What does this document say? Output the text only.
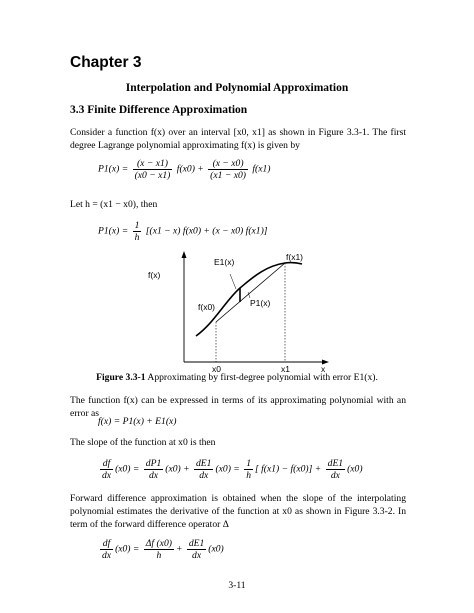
Chapter 3
Interpolation and Polynomial Approximation
3.3 Finite Difference Approximation
Consider a function f(x) over an interval [x0, x1] as shown in Figure 3.3-1. The first degree Lagrange polynomial approximating f(x) is given by
$P1(x) = \frac{(x - x1)}{(x0 - x1)} f(x0) + \frac{(x - x0)}{(x1 - x0)} f(x1)$
Let h = (x1 − x0), then
$P1(x) = \frac{1}{h} [(x1 - x) f(x0) + (x - x0)$ f(x1)]
f(x)
E1(x)	f(x1)
P1(x)
f(x0)
x0	x1	x
Figure 3.3-1 Approximating by first-degree polynomial with error E1(x).
The function f(x) can be expressed in terms of its approximating polynomial with an error as
f(x) = P1(x) + E1(x)
The slope of the function at x0 is then
$\frac{df}{dx} (x0) = \frac{dP1}{dx} (x0) + \frac{dE1}{dx} (x0) = \frac{1}{h}$ [ $f(x1) - f(x0)] + \frac{dE1}{dx} (x0)$
Forward difference approximation is obtained when the slope of the interpolating polynomial estimates the derivative of the function at x0 as shown in Figure 3.3-2. In term of the forward difference operator Δ
$\frac{df}{dx} (x0) = \frac{\Delta f (x0)}{h} + \frac{dE1}{dx} (x0)$
3-11
